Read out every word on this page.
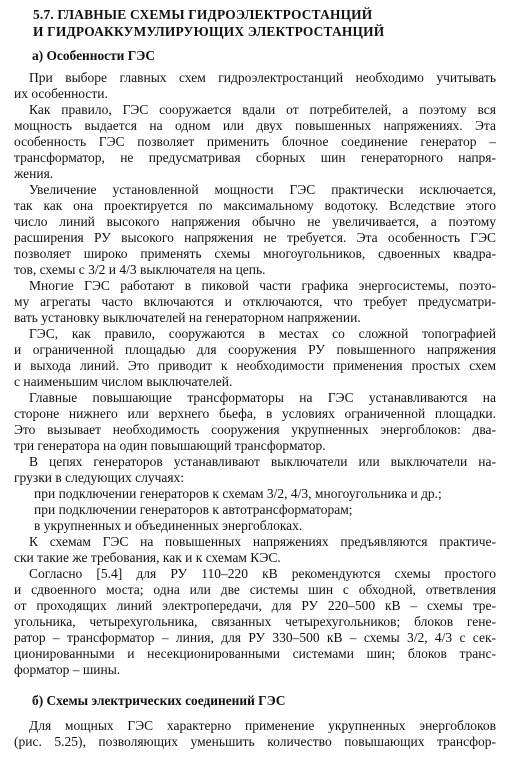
5.7. ГЛАВНЫЕ СХЕМЫ ГИДРОЭЛЕКТРОСТАНЦИЙ
И ГИДРОАККУМУЛИРУЮЩИХ ЭЛЕКТРОСТАНЦИЙ
а) Особенности ГЭС
При выборе главных схем гидроэлектростанций необходимо учитывать
их особенности.
Как правило, ГЭС сооружается вдали от потребителей, а поэтому вся
мощность выдается на одном или двух повышенных напряжениях. Эта
особенность ГЭС позволяет применить блочное соединение генератор –
трансформатор, не предусматривая сборных шин генераторного напря-
жения.
Увеличение установленной мощности ГЭС практически исключается,
так как она проектируется по максимальному водотоку. Вследствие этого
число линий высокого напряжения обычно не увеличивается, а поэтому
расширения РУ высокого напряжения не требуется. Эта особенность ГЭС
позволяет широко применять схемы многоугольников, сдвоенных квадра-
тов, схемы с 3/2 и 4/3 выключателя на цепь.
Многие ГЭС работают в пиковой части графика энергосистемы, поэто-
му агрегаты часто включаются и отключаются, что требует предусматри-
вать установку выключателей на генераторном напряжении.
ГЭС, как правило, сооружаются в местах со сложной топографией
и ограниченной площадью для сооружения РУ повышенного напряжения
и выхода линий. Это приводит к необходимости применения простых схем
с наименьшим числом выключателей.
Главные повышающие трансформаторы на ГЭС устанавливаются на
стороне нижнего или верхнего бьефа, в условиях ограниченной площадки.
Это вызывает необходимость сооружения укрупненных энергоблоков: два-
три генератора на один повышающий трансформатор.
В цепях генераторов устанавливают выключатели или выключатели на-
грузки в следующих случаях:
при подключении генераторов к схемам 3/2, 4/3, многоугольника и др.;
при подключении генераторов к автотрансформаторам;
в укрупненных и объединенных энергоблоках.
К схемам ГЭС на повышенных напряжениях предъявляются практиче-
ски такие же требования, как и к схемам КЭС.
Согласно [5.4] для РУ 110–220 кВ рекомендуются схемы простого
и сдвоенного моста; одна или две системы шин с обходной, ответвления
от проходящих линий электропередачи, для РУ 220–500 кВ – схемы тре-
угольника, четырехугольника, связанных четырехугольников; блоков гене-
ратор – трансформатор – линия, для РУ 330–500 кВ – схемы 3/2, 4/3 с сек-
ционированными и несекционированными системами шин; блоков транс-
форматор – шины.
б) Схемы электрических соединений ГЭС
Для мощных ГЭС характерно применение укрупненных энергоблоков
(рис. 5.25), позволяющих уменьшить количество повышающих трансфор-
